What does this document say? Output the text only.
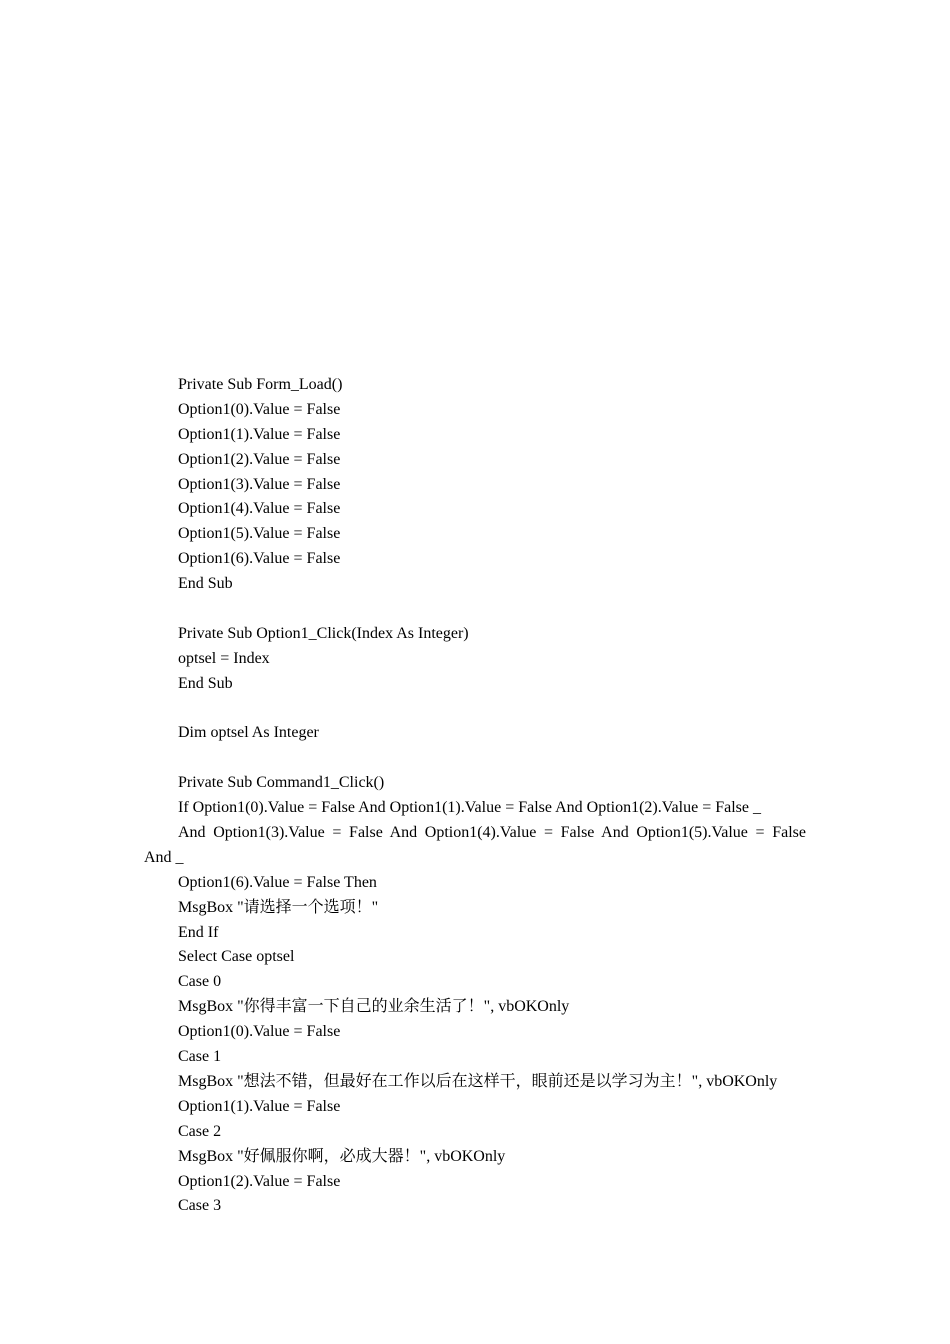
Private Sub Form_Load()
Option1(0).Value = False
Option1(1).Value = False
Option1(2).Value = False
Option1(3).Value = False
Option1(4).Value = False
Option1(5).Value = False
Option1(6).Value = False
End Sub
Private Sub Option1_Click(Index As Integer)
optsel = Index
End Sub
Dim optsel As Integer
Private Sub Command1_Click()
If Option1(0).Value = False And Option1(1).Value = False And Option1(2).Value = False _
And Option1(3).Value = False And Option1(4).Value = False And Option1(5).Value = False
And _
Option1(6).Value = False Then
MsgBox "请选择一个选项！"
End If
Select Case optsel
Case 0
MsgBox "你得丰富一下自己的业余生活了！", vbOKOnly
Option1(0).Value = False
Case 1
MsgBox "想法不错，但最好在工作以后在这样干，眼前还是以学习为主！", vbOKOnly
Option1(1).Value = False
Case 2
MsgBox "好佩服你啊，必成大器！", vbOKOnly
Option1(2).Value = False
Case 3
